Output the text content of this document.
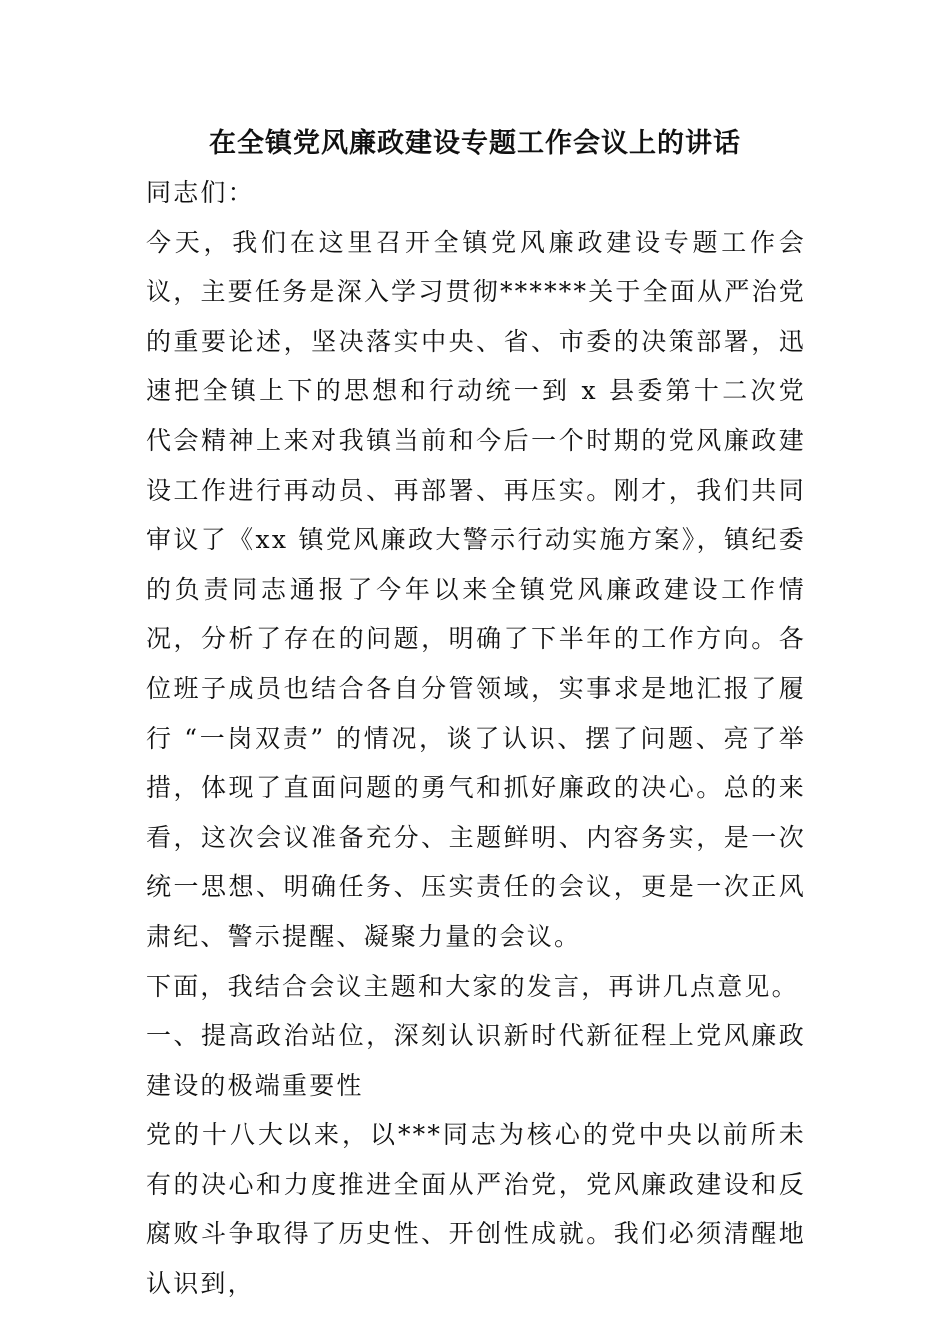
在全镇党风廉政建设专题工作会议上的讲话

同志们：

今天，我们在这里召开全镇党风廉政建设专题工作会议，主要任务是深入学习贯彻******关于全面从严治党的重要论述，坚决落实中央、省、市委的决策部署，迅速把全镇上下的思想和行动统一到 x 县委第十二次党代会精神上来对我镇当前和今后一个时期的党风廉政建设工作进行再动员、再部署、再压实。刚才，我们共同审议了《xx 镇党风廉政大警示行动实施方案》，镇纪委的负责同志通报了今年以来全镇党风廉政建设工作情况，分析了存在的问题，明确了下半年的工作方向。各位班子成员也结合各自分管领域，实事求是地汇报了履行 “一岗双责” 的情况，谈了认识、摆了问题、亮了举措，体现了直面问题的勇气和抓好廉政的决心。总的来看，这次会议准备充分、主题鲜明、内容务实，是一次统一思想、明确任务、压实责任的会议，更是一次正风肃纪、警示提醒、凝聚力量的会议。

下面，我结合会议主题和大家的发言，再讲几点意见。

一、提高政治站位，深刻认识新时代新征程上党风廉政建设的极端重要性

党的十八大以来，以***同志为核心的党中央以前所未有的决心和力度推进全面从严治党，党风廉政建设和反腐败斗争取得了历史性、开创性成就。我们必须清醒地认识到，
